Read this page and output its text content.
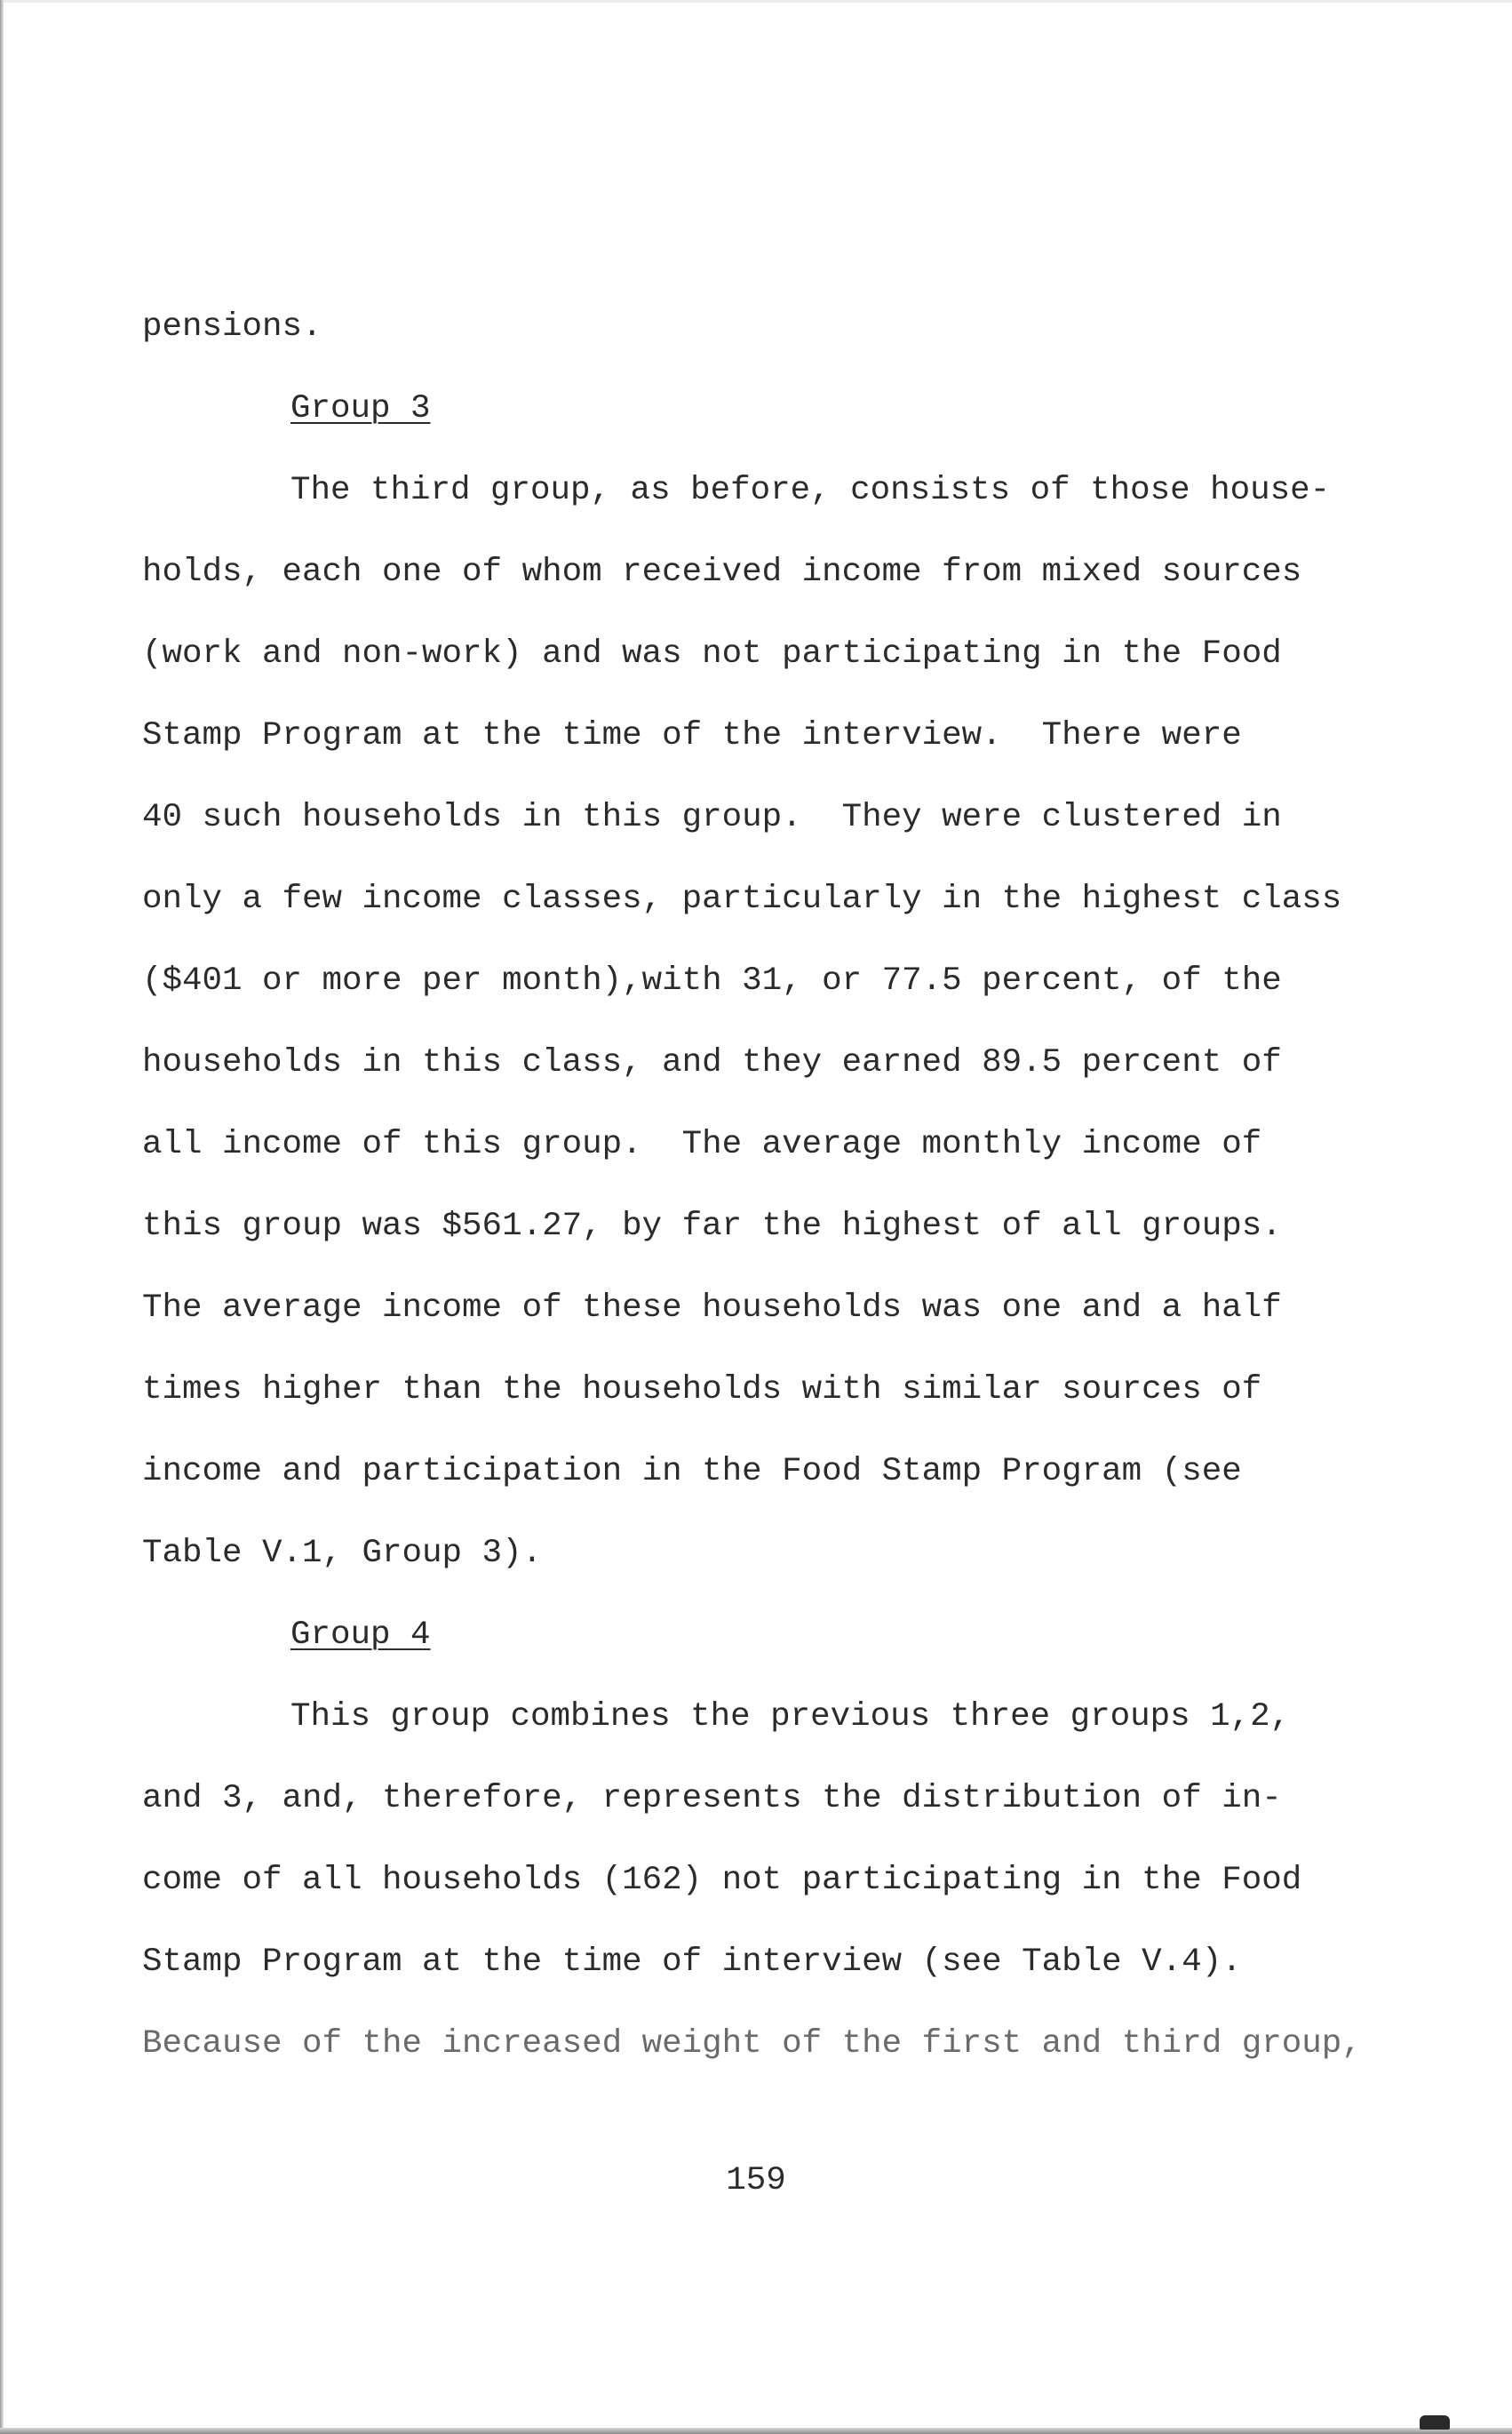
pensions.

Group 3

The third group, as before, consists of those house-

holds, each one of whom received income from mixed sources

(work and non-work) and was not participating in the Food

Stamp Program at the time of the interview.  There were

40 such households in this group.  They were clustered in

only a few income classes, particularly in the highest class

($401 or more per month),with 31, or 77.5 percent, of the

households in this class, and they earned 89.5 percent of

all income of this group.  The average monthly income of

this group was $561.27, by far the highest of all groups.

The average income of these households was one and a half

times higher than the households with similar sources of

income and participation in the Food Stamp Program (see

Table V.1, Group 3).

Group 4

This group combines the previous three groups 1,2,

and 3, and, therefore, represents the distribution of in-

come of all households (162) not participating in the Food

Stamp Program at the time of interview (see Table V.4).

Because of the increased weight of the first and third group,

159
